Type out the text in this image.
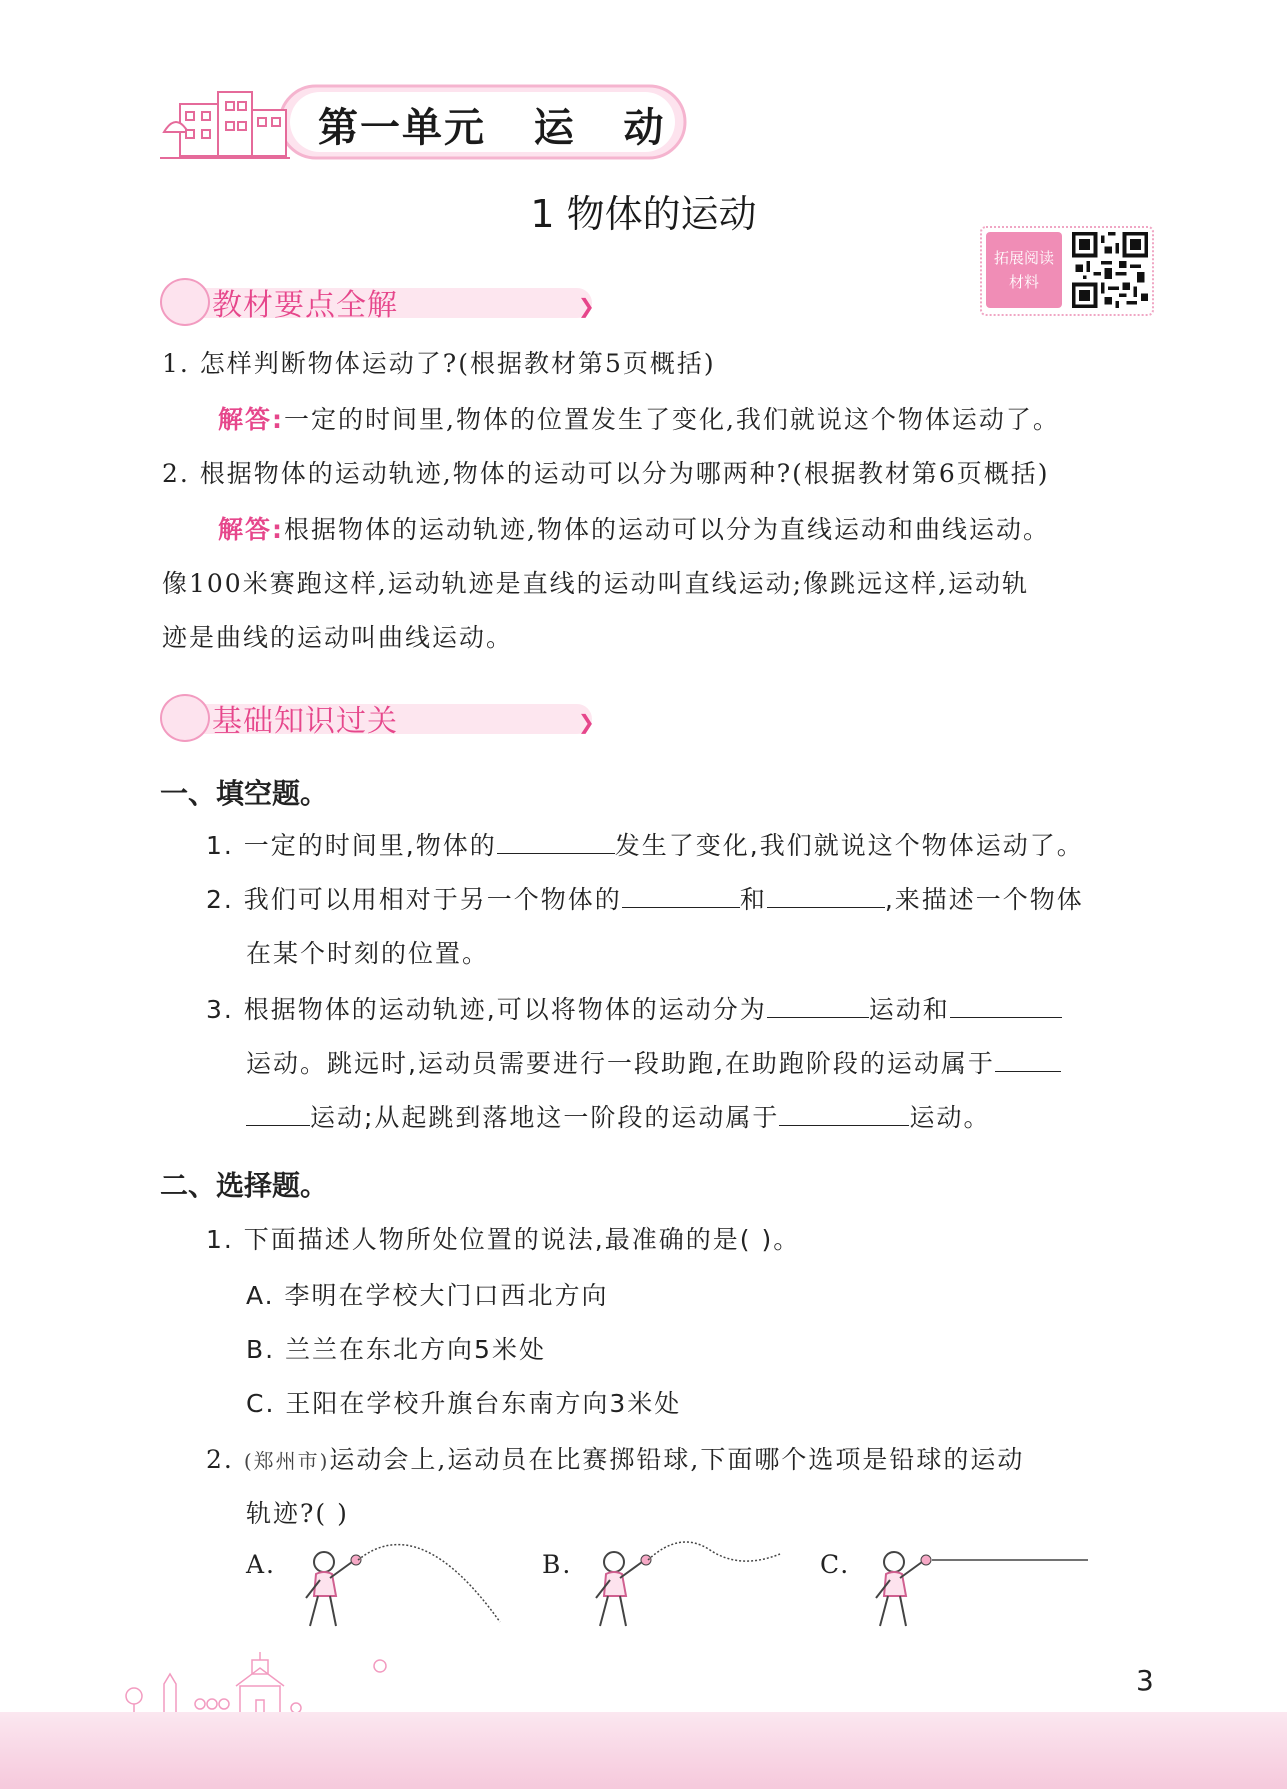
第一单元   运   动
1 物体的运动
拓展阅读
材料
教材要点全解	❯
1. 怎样判断物体运动了?(根据教材第5页概括)
解答:一定的时间里,物体的位置发生了变化,我们就说这个物体运动了。
2. 根据物体的运动轨迹,物体的运动可以分为哪两种?(根据教材第6页概括)
解答:根据物体的运动轨迹,物体的运动可以分为直线运动和曲线运动。
像100米赛跑这样,运动轨迹是直线的运动叫直线运动;像跳远这样,运动轨
迹是曲线的运动叫曲线运动。
基础知识过关	❯
一、填空题。
1. 一定的时间里,物体的	发生了变化,我们就说这个物体运动了。
2. 我们可以用相对于另一个物体的	和	,来描述一个物体
在某个时刻的位置。
3. 根据物体的运动轨迹,可以将物体的运动分为	运动和
运动。跳远时,运动员需要进行一段助跑,在助跑阶段的运动属于
运动;从起跳到落地这一阶段的运动属于	运动。
二、选择题。
1. 下面描述人物所处位置的说法,最准确的是( )。
A. 李明在学校大门口西北方向
B. 兰兰在东北方向5米处
C. 王阳在学校升旗台东南方向3米处
2. (郑州市)运动会上,运动员在比赛掷铅球,下面哪个选项是铅球的运动
轨迹?( )
A.	B.	C.
3
